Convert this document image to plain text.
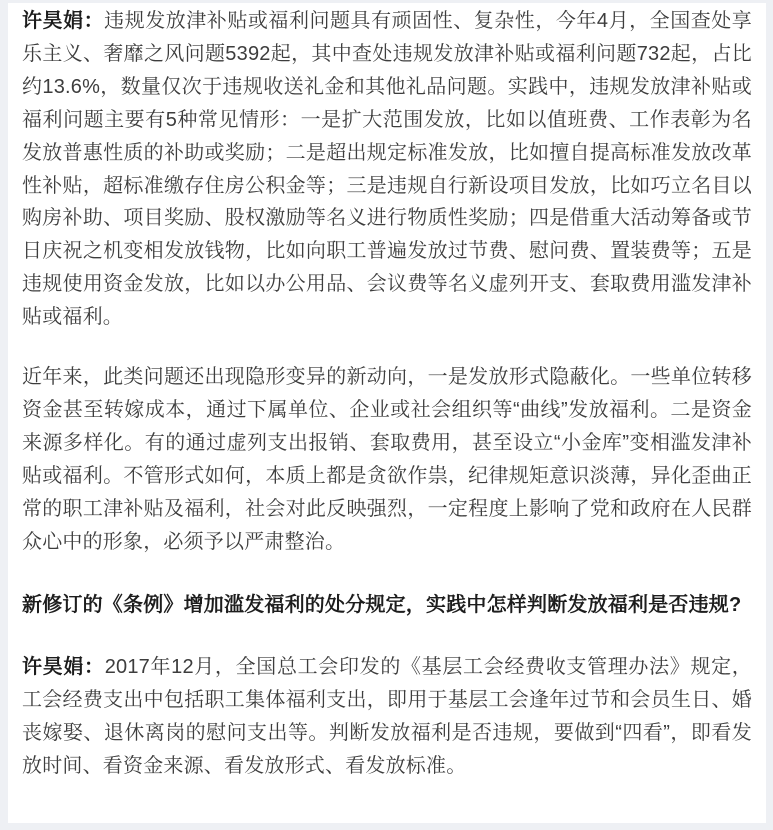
许昊娟：违规发放津补贴或福利问题具有顽固性、复杂性，今年4月，全国查处享乐主义、奢靡之风问题5392起，其中查处违规发放津补贴或福利问题732起，占比约13.6%，数量仅次于违规收送礼金和其他礼品问题。实践中，违规发放津补贴或福利问题主要有5种常见情形：一是扩大范围发放，比如以值班费、工作表彰为名发放普惠性质的补助或奖励；二是超出规定标准发放，比如擅自提高标准发放改革性补贴，超标准缴存住房公积金等；三是违规自行新设项目发放，比如巧立名目以购房补助、项目奖励、股权激励等名义进行物质性奖励；四是借重大活动筹备或节日庆祝之机变相发放钱物，比如向职工普遍发放过节费、慰问费、置装费等；五是违规使用资金发放，比如以办公用品、会议费等名义虚列开支、套取费用滥发津补贴或福利。

近年来，此类问题还出现隐形变异的新动向，一是发放形式隐蔽化。一些单位转移资金甚至转嫁成本，通过下属单位、企业或社会组织等“曲线”发放福利。二是资金来源多样化。有的通过虚列支出报销、套取费用，甚至设立“小金库”变相滥发津补贴或福利。不管形式如何，本质上都是贪欲作祟，纪律规矩意识淡薄，异化歪曲正常的职工津补贴及福利，社会对此反映强烈，一定程度上影响了党和政府在人民群众心中的形象，必须予以严肃整治。

新修订的《条例》增加滥发福利的处分规定，实践中怎样判断发放福利是否违规?

许昊娟：2017年12月，全国总工会印发的《基层工会经费收支管理办法》规定，工会经费支出中包括职工集体福利支出，即用于基层工会逢年过节和会员生日、婚丧嫁娶、退休离岗的慰问支出等。判断发放福利是否违规，要做到“四看”，即看发放时间、看资金来源、看发放形式、看发放标准。
